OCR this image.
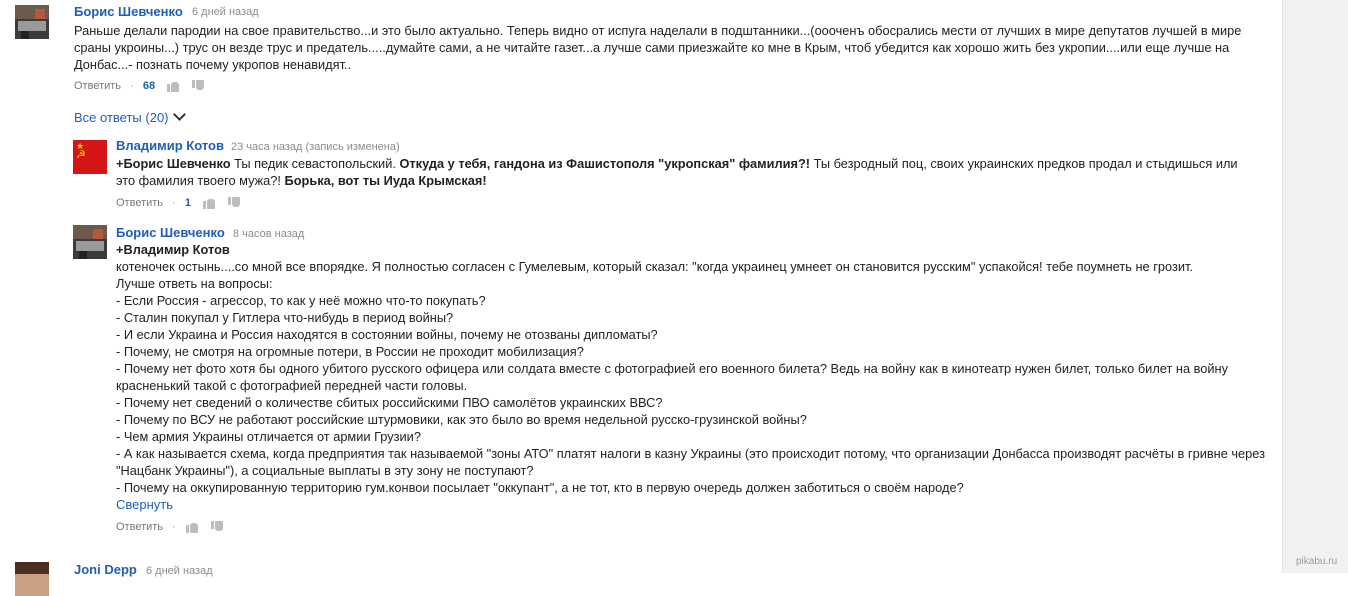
pikabu.ru
Борис Шевченко 6 дней назад
Раньше делали пародии на свое правительство...и это было актуально. Теперь видно от испуга наделали в подштанники...(оооченъ обосрались мести от лучших в мире депутатов лучшей в мире сраны укроины...) трус он везде трус и предатель.....думайте сами, а не читайте газет...а лучше сами приезжайте ко мне в Крым, чтоб убедится как хорошо жить без укропии....или еще лучше на Донбас...- познать почему укропов ненавидят..
Ответить · 68
Все ответы (20)
★
☭
Владимир Котов 23 часа назад (запись изменена)
+Борис Шевченко Ты педик севастопольский. Откуда у тебя, гандона из Фашистополя "укропская" фамилия?! Ты безродный поц, своих украинских предков продал и стыдишься или это фамилия твоего мужа?! Борька, вот ты Иуда Крымская!
Ответить · 1
Борис Шевченко 8 часов назад

+Владимир Котов

котеночек остынь....со мной все впорядке. Я полностью согласен с Гумелевым, который сказал: "когда украинец умнеет он становится русским" успакойся! тебе поумнеть не грозит.

Лучше ответь на вопросы:

- Если Россия - агрессор, то как у неё можно что-то покупать?

- Сталин покупал у Гитлера что-нибудь в период войны?

- И если Украина и Россия находятся в состоянии войны, почему не отозваны дипломаты?

- Почему, не смотря на огромные потери, в России не проходит мобилизация?

- Почему нет фото хотя бы одного убитого русского офицера или солдата вместе с фотографией его военного билета? Ведь на войну как в кинотеатр нужен билет, только билет на войну красненький такой с фотографией передней части головы.

- Почему нет сведений о количестве сбитых российскими ПВО самолётов украинских ВВС?

- Почему по ВСУ не работают российские штурмовики, как это было во время недельной русско-грузинской войны?

- Чем армия Украины отличается от армии Грузии?

- А как называется схема, когда предприятия так называемой "зоны АТО" платят налоги в казну Украины (это происходит потому, что организации Донбасса производят расчёты в гривне через "Нацбанк Украины"), а социальные выплаты в эту зону не поступают?

- Почему на оккупированную территорию гум.конвои посылает "оккупант", а не тот, кто в первую очередь должен заботиться о своём народе?

Свернуть
Ответить ·
Joni Depp 6 дней назад
